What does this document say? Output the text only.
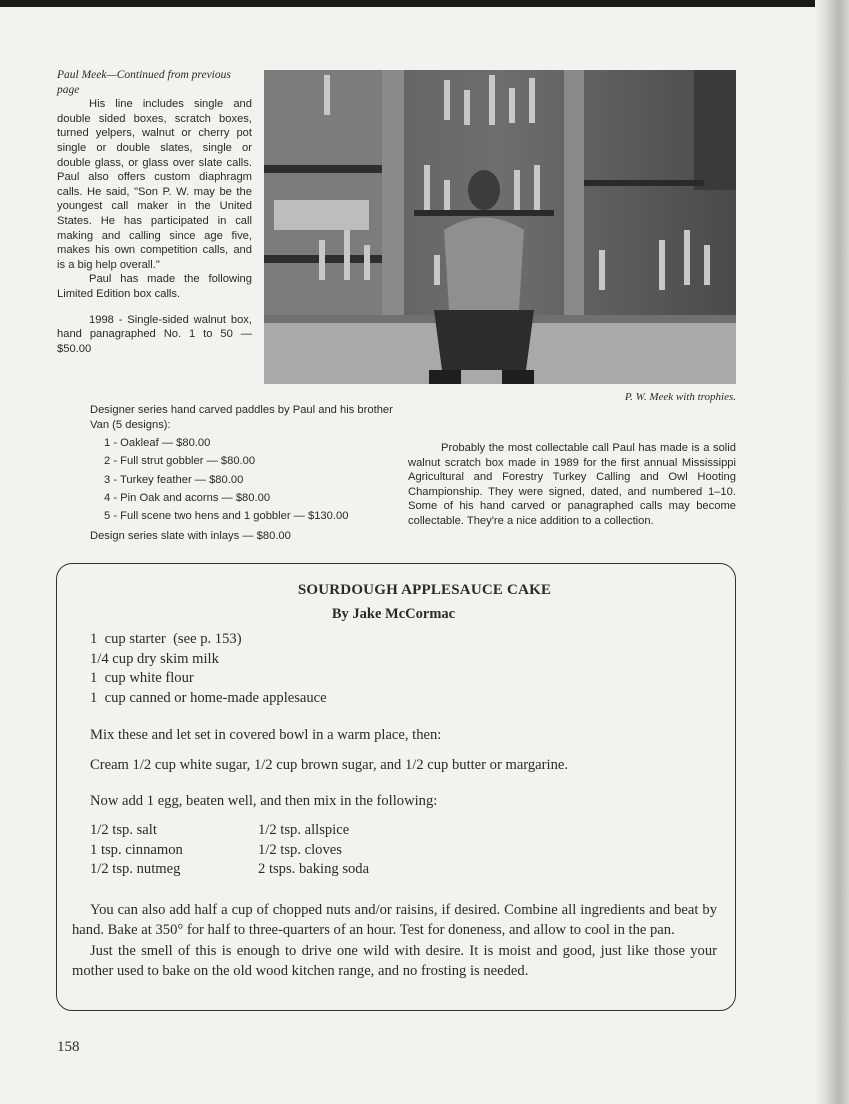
Paul Meek—Continued from previous page

His line includes single and double sided boxes, scratch boxes, turned yelpers, walnut or cherry pot single or double slates, single or double glass, or glass over slate calls. Paul also offers custom diaphragm calls. He said, "Son P. W. may be the youngest call maker in the United States. He has participated in call making and calling since age five, makes his own competition calls, and is a big help overall."

Paul has made the following Limited Edition box calls.

1998 - Single-sided walnut box, hand panagraphed No. 1 to 50 — $50.00

P. W. Meek with trophies.
Designer series hand carved paddles by Paul and his brother Van (5 designs):
1 - Oakleaf — $80.00
2 - Full strut gobbler — $80.00
3 - Turkey feather — $80.00
4 - Pin Oak and acorns — $80.00
5 - Full scene two hens and 1 gobbler — $130.00
Design series slate with inlays — $80.00

Probably the most collectable call Paul has made is a solid walnut scratch box made in 1989 for the first annual Mississippi Agricultural and Forestry Turkey Calling and Owl Hooting Championship. They were signed, dated, and numbered 1–10. Some of his hand carved or panagraphed calls may become collectable. They're a nice addition to a collection.

SOURDOUGH APPLESAUCE CAKE
By Jake McCormac
1  cup starter  (see p. 153)
1/4 cup dry skim milk
1  cup white flour
1  cup canned or home-made applesauce
Mix these and let set in covered bowl in a warm place, then:
Cream 1/2 cup white sugar, 1/2 cup brown sugar, and 1/2 cup butter or margarine.
Now add 1 egg, beaten well, and then mix in the following:
1/2 tsp. salt	1/2 tsp. allspice
1 tsp. cinnamon	1/2 tsp. cloves
1/2 tsp. nutmeg	2 tsps. baking soda

You can also add half a cup of chopped nuts and/or raisins, if desired. Combine all ingredients and beat by hand. Bake at 350° for half to three-quarters of an hour. Test for doneness, and allow to cool in the pan.

Just the smell of this is enough to drive one wild with desire. It is moist and good, just like those your mother used to bake on the old wood kitchen range, and no frosting is needed.

158
